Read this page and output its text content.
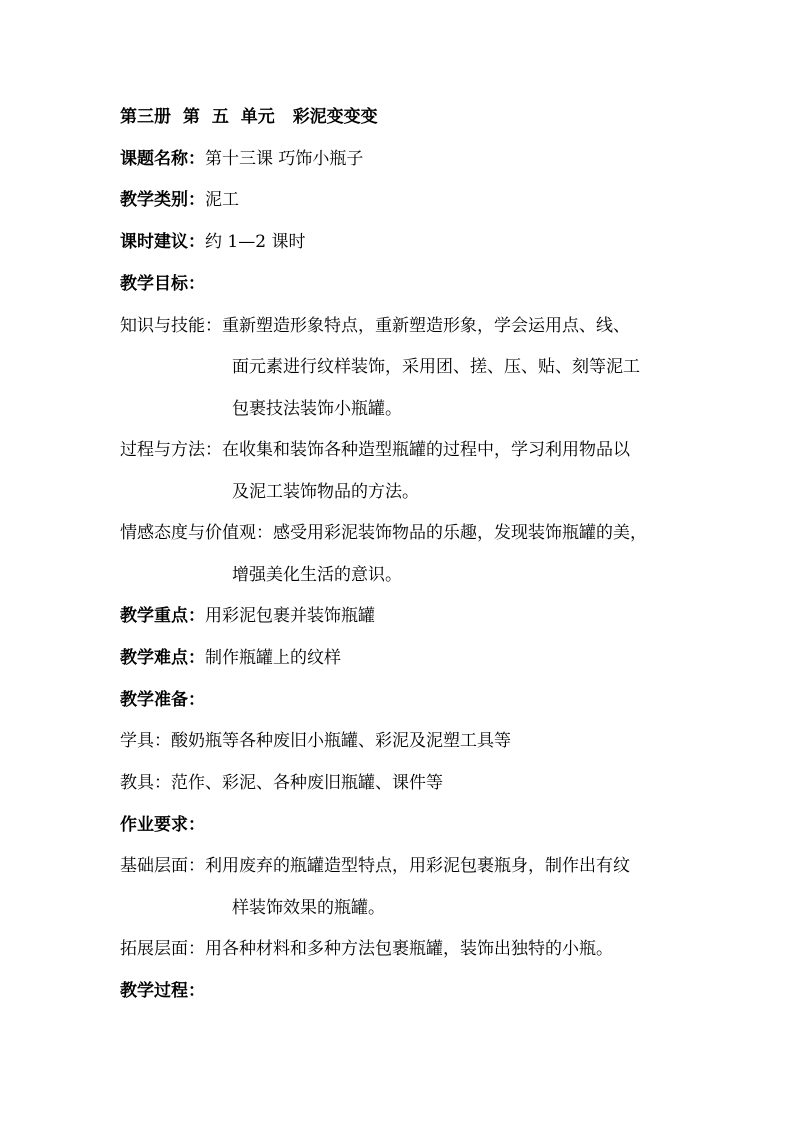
第三册 第 五 单元 彩泥变变变
课题名称：第十三课 巧饰小瓶子
教学类别：泥工
课时建议：约 1—2 课时
教学目标：
知识与技能：重新塑造形象特点，重新塑造形象，学会运用点、线、
面元素进行纹样装饰，采用团、搓、压、贴、刻等泥工
包裹技法装饰小瓶罐。
过程与方法：在收集和装饰各种造型瓶罐的过程中，学习利用物品以
及泥工装饰物品的方法。
情感态度与价值观：感受用彩泥装饰物品的乐趣，发现装饰瓶罐的美，
增强美化生活的意识。
教学重点：用彩泥包裹并装饰瓶罐
教学难点：制作瓶罐上的纹样
教学准备：
学具：酸奶瓶等各种废旧小瓶罐、彩泥及泥塑工具等
教具：范作、彩泥、各种废旧瓶罐、课件等
作业要求：
基础层面：利用废弃的瓶罐造型特点，用彩泥包裹瓶身，制作出有纹
样装饰效果的瓶罐。
拓展层面：用各种材料和多种方法包裹瓶罐，装饰出独特的小瓶。
教学过程：
